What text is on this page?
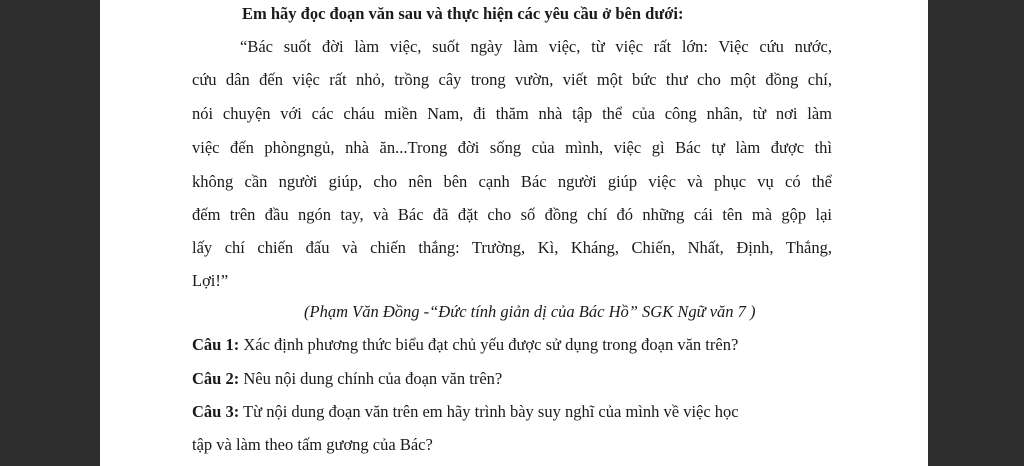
Em hãy đọc đoạn văn sau và thực hiện các yêu cầu ở bên dưới:
“Bác suốt đời làm việc, suốt ngày làm việc, từ việc rất lớn: Việc cứu nước,
cứu dân đến việc rất nhỏ, trồng cây trong vườn, viết một bức thư cho một đồng chí,
nói chuyện với các cháu miền Nam, đi thăm nhà tập thể của công nhân, từ nơi làm
việc đến phòngngủ, nhà ăn...Trong đời sống của mình, việc gì Bác tự làm được thì
không cần người giúp, cho nên bên cạnh Bác người giúp việc và phục vụ có thể
đếm trên đầu ngón tay, và Bác đã đặt cho số đồng chí đó những cái tên mà gộp lại
lấy chí chiến đấu và chiến thắng: Trường, Kì, Kháng, Chiến, Nhất, Định, Thắng,
Lợi!”
(Phạm Văn Đồng -“Đức tính giản dị của Bác Hồ” SGK Ngữ văn 7 )
Câu 1: Xác định phương thức biểu đạt chủ yếu được sử dụng trong đoạn văn trên?
Câu 2: Nêu nội dung chính của đoạn văn trên?
Câu 3: Từ nội dung đoạn văn trên em hãy trình bày suy nghĩ của mình về việc học
tập và làm theo tấm gương của Bác?
